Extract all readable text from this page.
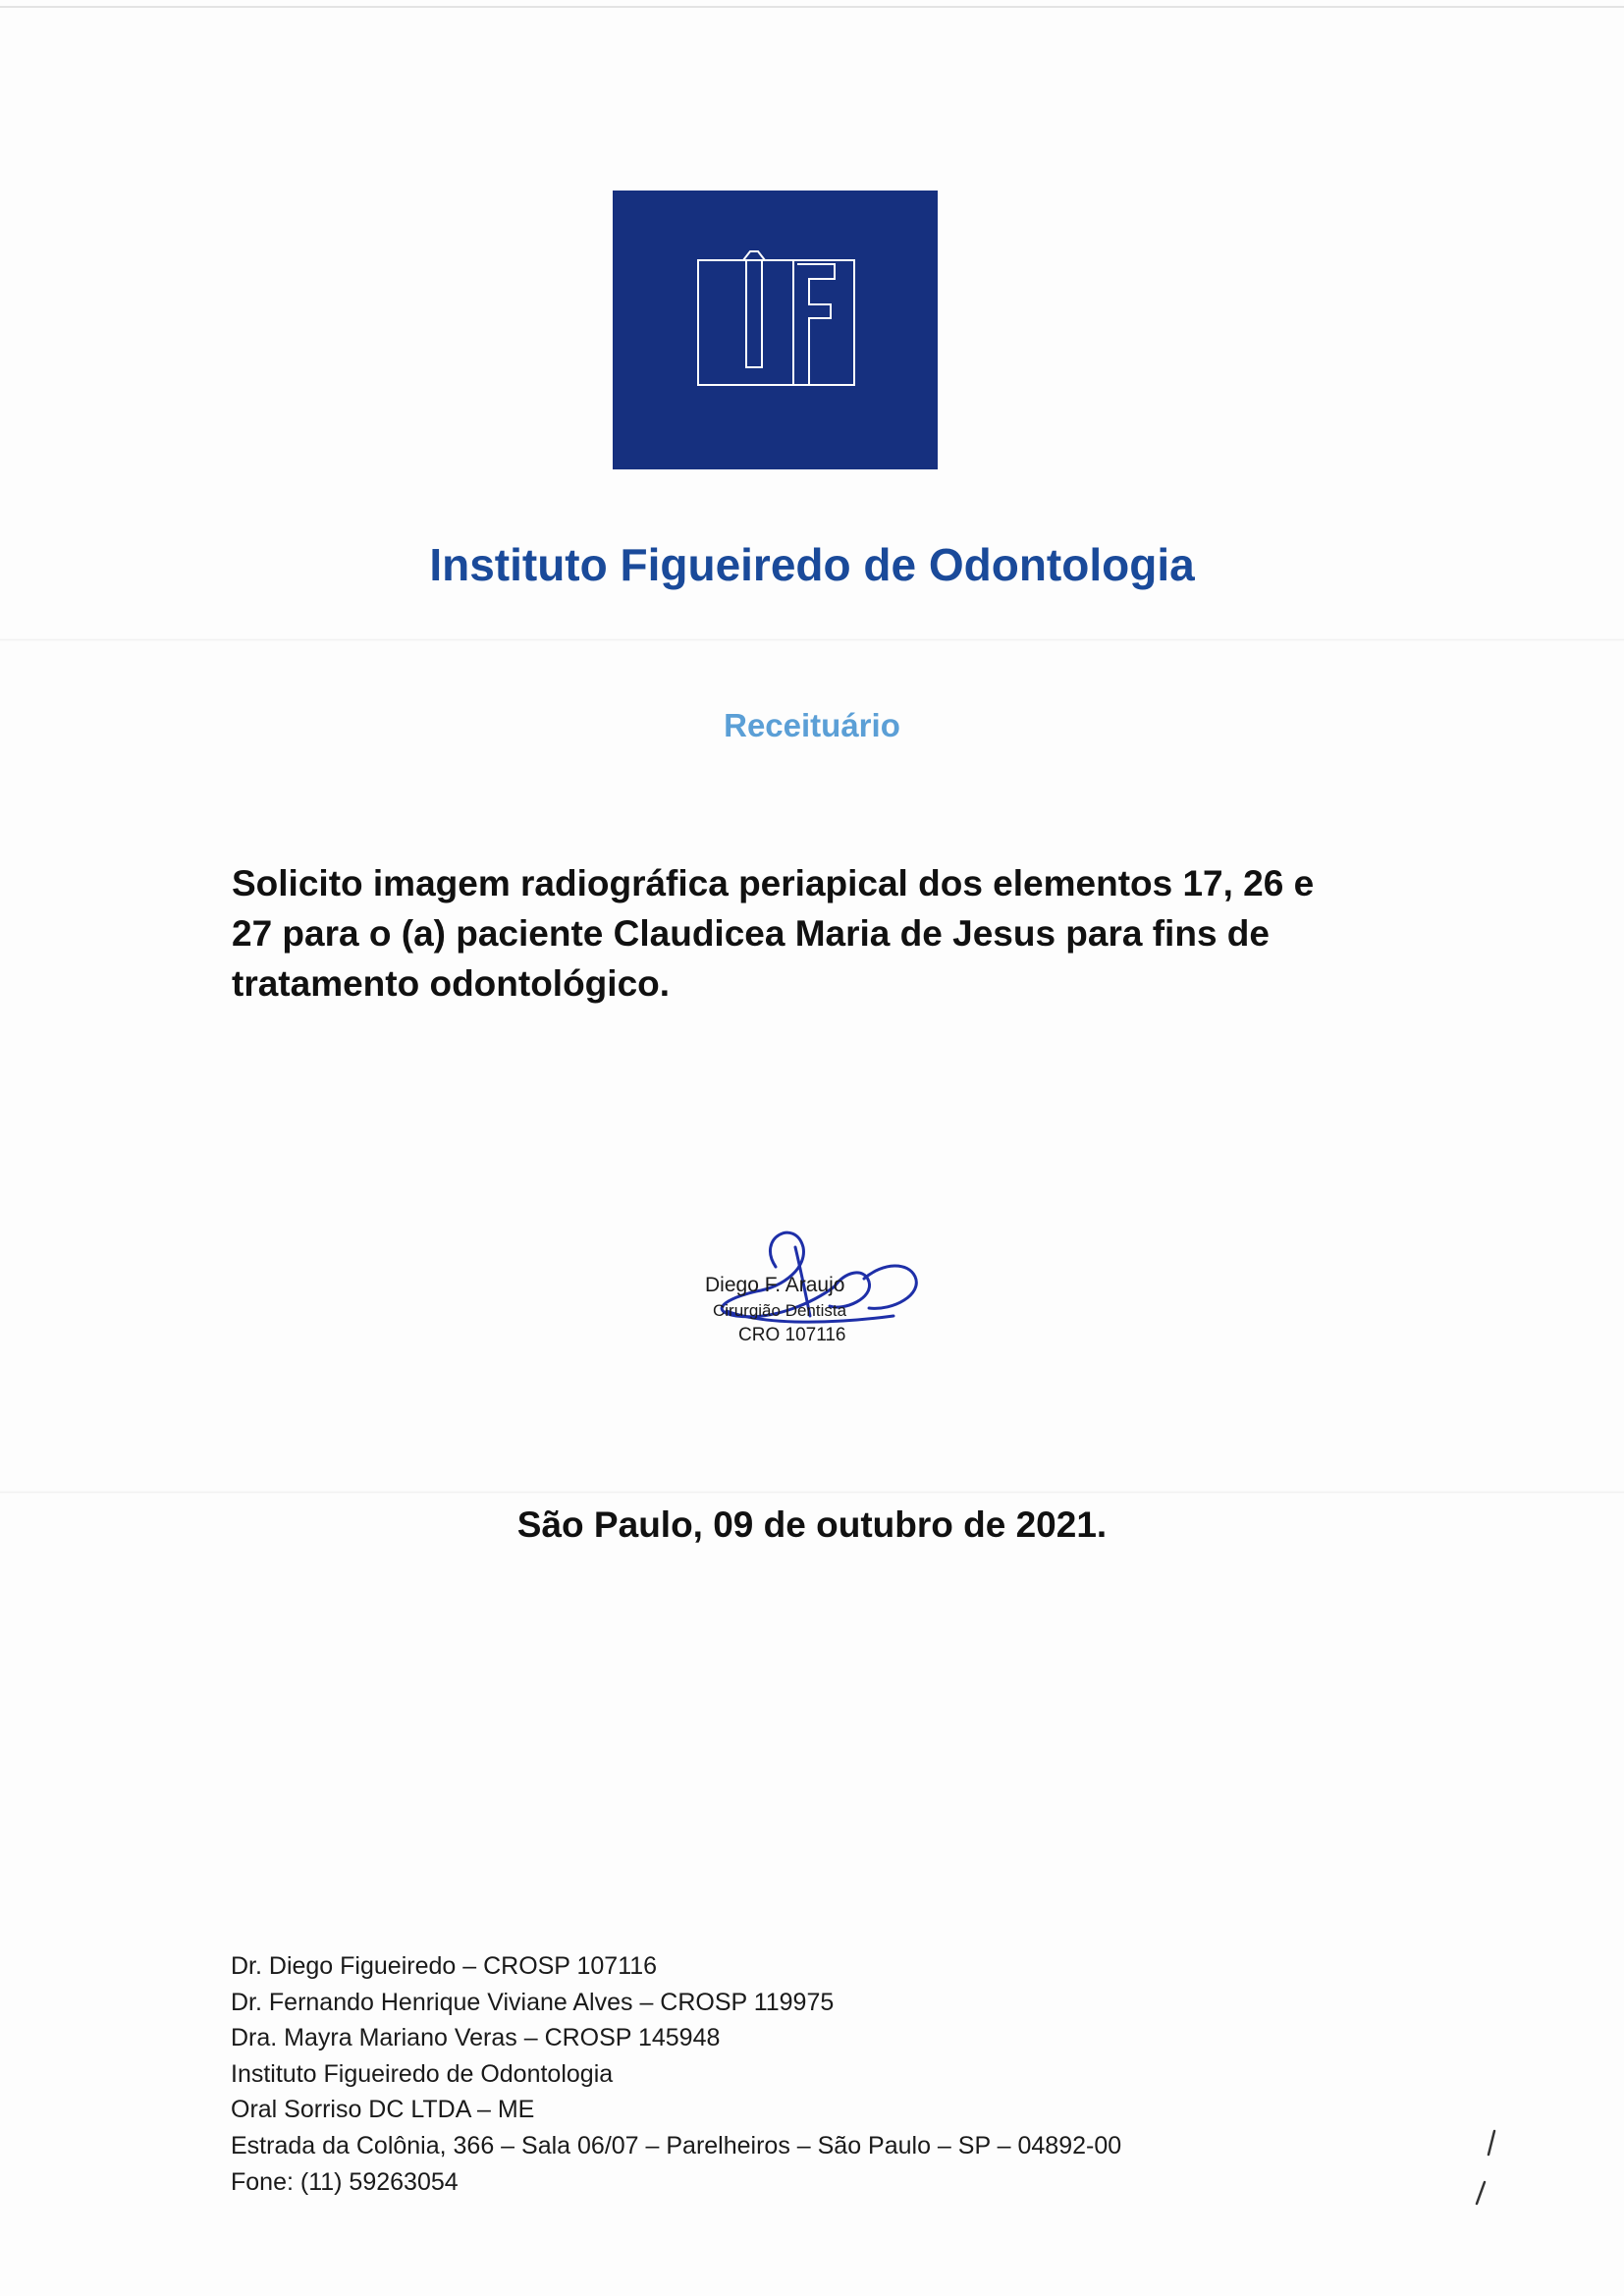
Instituto Figueiredo de Odontologia
Receituário
Solicito imagem radiográfica periapical dos elementos 17, 26 e
27 para o (a) paciente Claudicea Maria de Jesus para fins de
tratamento odontológico.
Diego F. Araujo
Cirurgião Dentista
CRO 107116
São Paulo, 09 de outubro de 2021.
Dr. Diego Figueiredo – CROSP 107116
Dr. Fernando Henrique Viviane Alves – CROSP 119975
Dra. Mayra Mariano Veras – CROSP 145948
Instituto Figueiredo de Odontologia
Oral Sorriso DC LTDA – ME
Estrada da Colônia, 366 – Sala 06/07 – Parelheiros – São Paulo – SP – 04892-00
Fone: (11) 59263054
